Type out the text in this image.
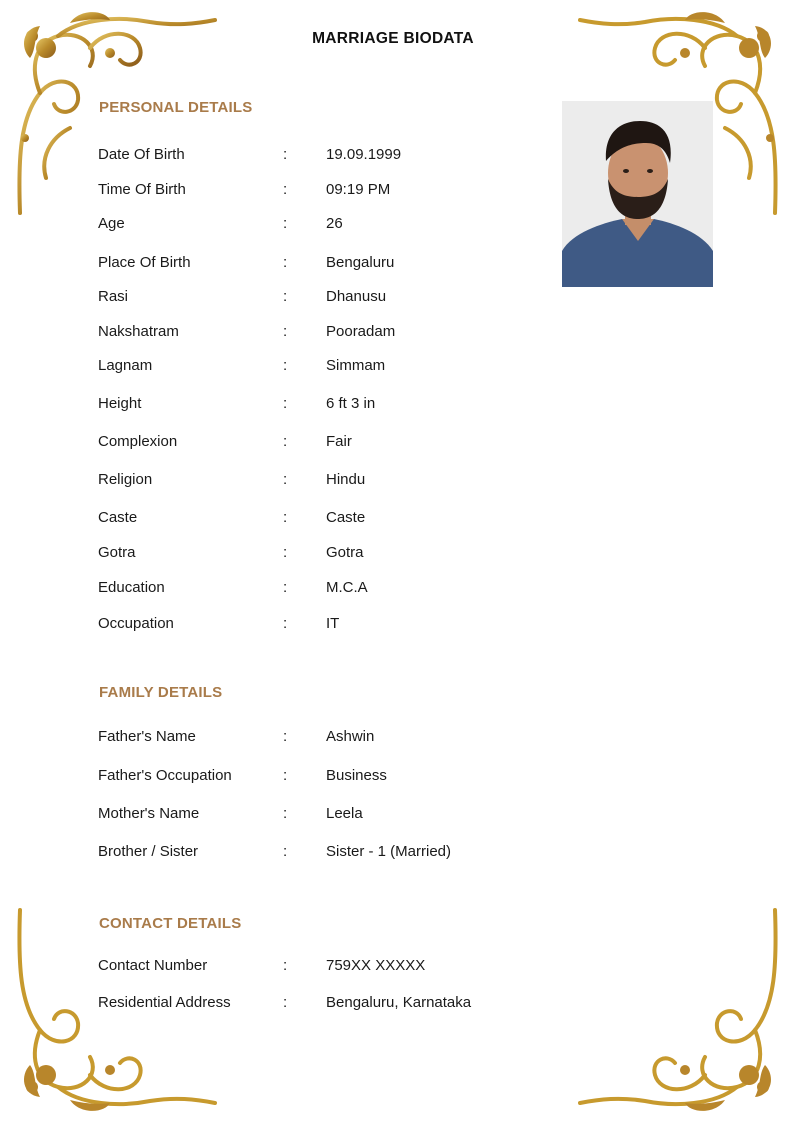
MARRIAGE BIODATA
PERSONAL DETAILS
Date Of Birth	:	19.09.1999
Time Of Birth	:	09:19 PM
Age	:	26
Place Of Birth	:	Bengaluru
Rasi	:	Dhanusu
Nakshatram	:	Pooradam
Lagnam	:	Simmam
Height	:	6 ft 3 in
Complexion	:	Fair
Religion	:	Hindu
Caste	:	Caste
Gotra	:	Gotra
Education	:	M.C.A
Occupation	:	IT
FAMILY DETAILS
Father's Name	:	Ashwin
Father's Occupation	:	Business
Mother's Name	:	Leela
Brother / Sister	:	Sister - 1 (Married)
CONTACT DETAILS
Contact Number	:	759XX XXXXX
Residential Address	:	Bengaluru, Karnataka
